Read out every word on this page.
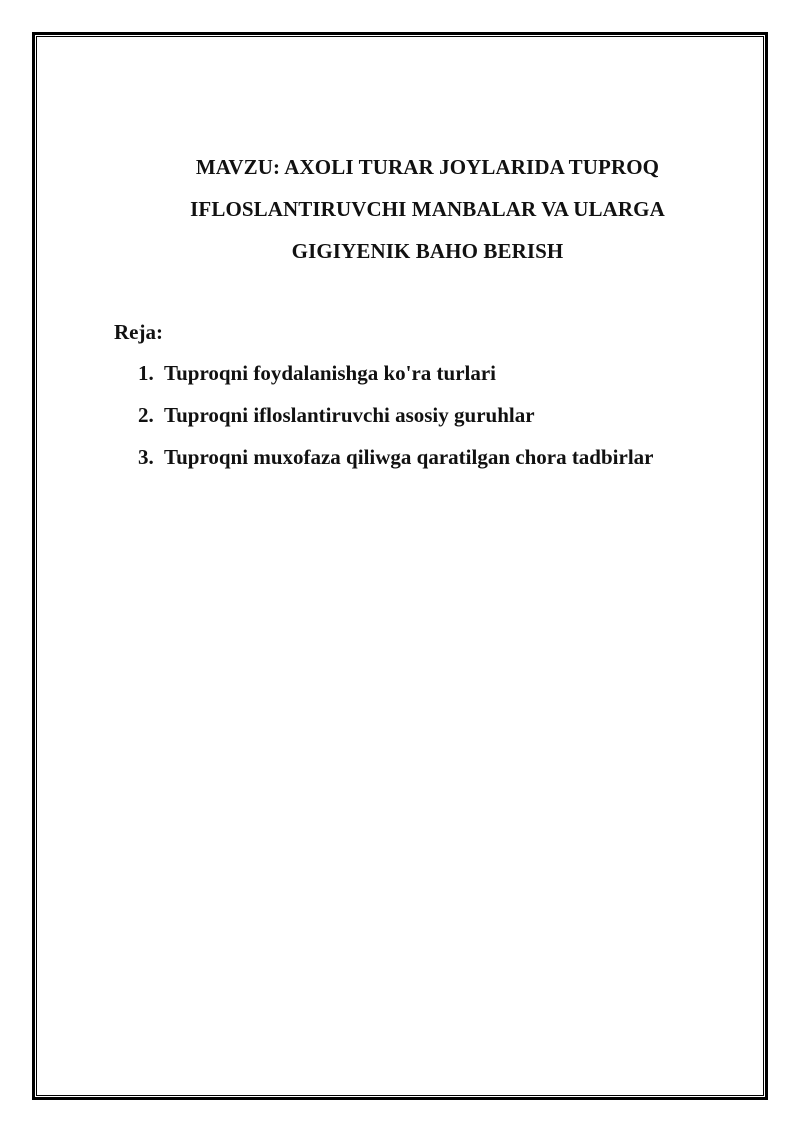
MAVZU: AXOLI TURAR JOYLARIDA TUPROQ
IFLOSLANTIRUVCHI MANBALAR VA ULARGA
GIGIYENIK BAHO BERISH

Reja:

1. Tuproqni foydalanishga ko'ra turlari
2. Tuproqni ifloslantiruvchi asosiy guruhlar
3. Tuproqni muxofaza qiliwga qaratilgan chora tadbirlar
